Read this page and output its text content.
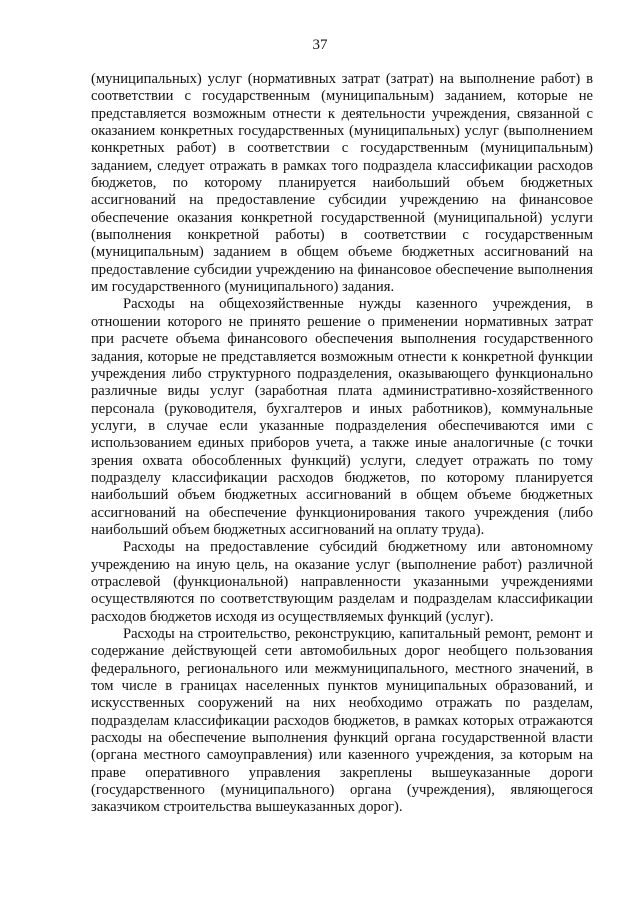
37

(муниципальных) услуг (нормативных затрат (затрат) на выполнение работ) в соответствии с государственным (муниципальным) заданием, которые не представляется возможным отнести к деятельности учреждения, связанной с оказанием конкретных государственных (муниципальных) услуг (выполнением конкретных работ) в соответствии с государственным (муниципальным) заданием, следует отражать в рамках того подраздела классификации расходов бюджетов, по которому планируется наибольший объем бюджетных ассигнований на предоставление субсидии учреждению на финансовое обеспечение оказания конкретной государственной (муниципальной) услуги (выполнения конкретной работы) в соответствии с государственным (муниципальным) заданием в общем объеме бюджетных ассигнований на предоставление субсидии учреждению на финансовое обеспечение выполнения им государственного (муниципального) задания.

Расходы на общехозяйственные нужды казенного учреждения, в отношении которого не принято решение о применении нормативных затрат при расчете объема финансового обеспечения выполнения государственного задания, которые не представляется возможным отнести к конкретной функции учреждения либо структурного подразделения, оказывающего функционально различные виды услуг (заработная плата административно-хозяйственного персонала (руководителя, бухгалтеров и иных работников), коммунальные услуги, в случае если указанные подразделения обеспечиваются ими с использованием единых приборов учета, а также иные аналогичные (с точки зрения охвата обособленных функций) услуги, следует отражать по тому подразделу классификации расходов бюджетов, по которому планируется наибольший объем бюджетных ассигнований в общем объеме бюджетных ассигнований на обеспечение функционирования такого учреждения (либо наибольший объем бюджетных ассигнований на оплату труда).

Расходы на предоставление субсидий бюджетному или автономному учреждению на иную цель, на оказание услуг (выполнение работ) различной отраслевой (функциональной) направленности указанными учреждениями осуществляются по соответствующим разделам и подразделам классификации расходов бюджетов исходя из осуществляемых функций (услуг).

Расходы на строительство, реконструкцию, капитальный ремонт, ремонт и содержание действующей сети автомобильных дорог необщего пользования федерального, регионального или межмуниципального, местного значений, в том числе в границах населенных пунктов муниципальных образований, и искусственных сооружений на них необходимо отражать по разделам, подразделам классификации расходов бюджетов, в рамках которых отражаются расходы на обеспечение выполнения функций органа государственной власти (органа местного самоуправления) или казенного учреждения, за которым на праве оперативного управления закреплены вышеуказанные дороги (государственного (муниципального) органа (учреждения), являющегося заказчиком строительства вышеуказанных дорог).
